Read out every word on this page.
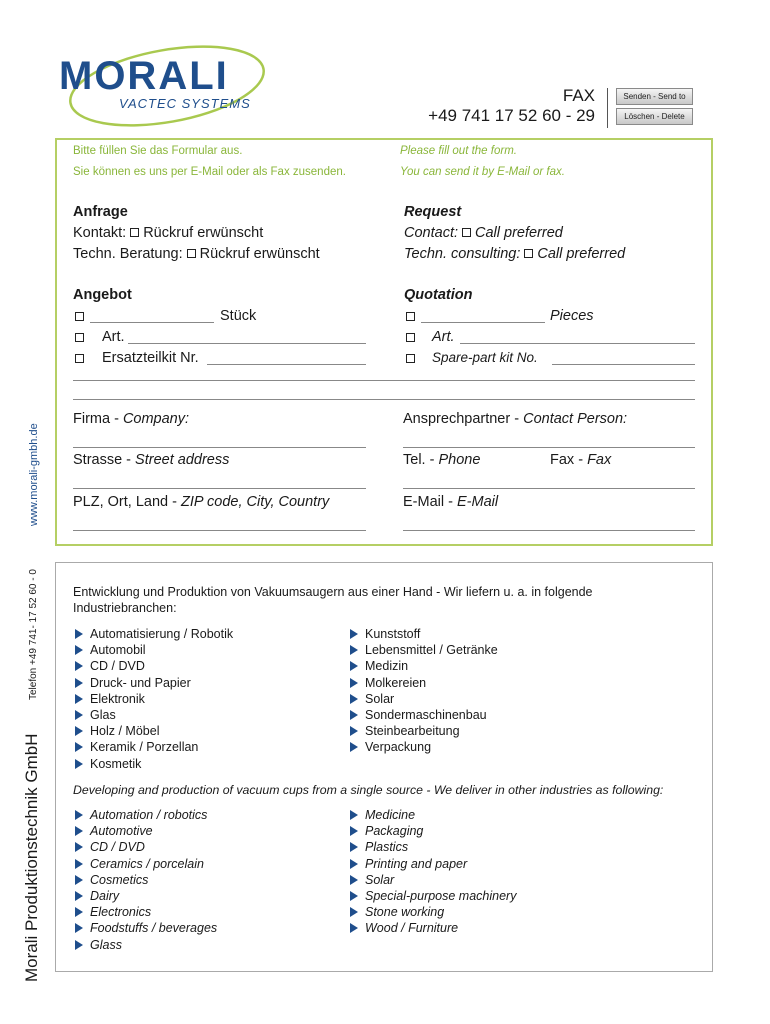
MORALI
VACTEC SYSTEMS	FAX
+49 741 17 52 60 - 29
Senden - Send to
Löschen - Delete
www.morali-gmbh.de
Telefon +49 741- 17 52 60 - 0
Morali Produktionstechnik GmbH
Bitte füllen Sie das Formular aus.
Sie können es uns per E-Mail oder als Fax zusenden.
Please fill out the form.
You can send it by E-Mail or fax.
Anfrage
Kontakt: Rückruf erwünscht
Techn. Beratung: Rückruf erwünscht
Request
Contact: Call preferred
Techn. consulting: Call preferred
Angebot
Stück
Art.
Ersatzteilkit Nr.
Quotation
Pieces
Art.
Spare-part kit No.
Firma - Company:	Ansprechpartner - Contact Person:
Strasse - Street address	Tel. - Phone	Fax - Fax
PLZ, Ort, Land - ZIP code, City, Country	E-Mail - E-Mail
Entwicklung und Produktion von Vakuumsaugern aus einer Hand - Wir liefern u. a. in folgende Industriebranchen:
Automatisierung / Robotik
Automobil
CD / DVD
Druck- und Papier
Elektronik
Glas
Holz / Möbel
Keramik / Porzellan
Kosmetik
Kunststoff
Lebensmittel / Getränke
Medizin
Molkereien
Solar
Sondermaschinenbau
Steinbearbeitung
Verpackung
Developing and production of vacuum cups from a single source - We deliver in other industries as following:
Automation / robotics
Automotive
CD / DVD
Ceramics / porcelain
Cosmetics
Dairy
Electronics
Foodstuffs / beverages
Glass
Medicine
Packaging
Plastics
Printing and paper
Solar
Special-purpose machinery
Stone working
Wood / Furniture
